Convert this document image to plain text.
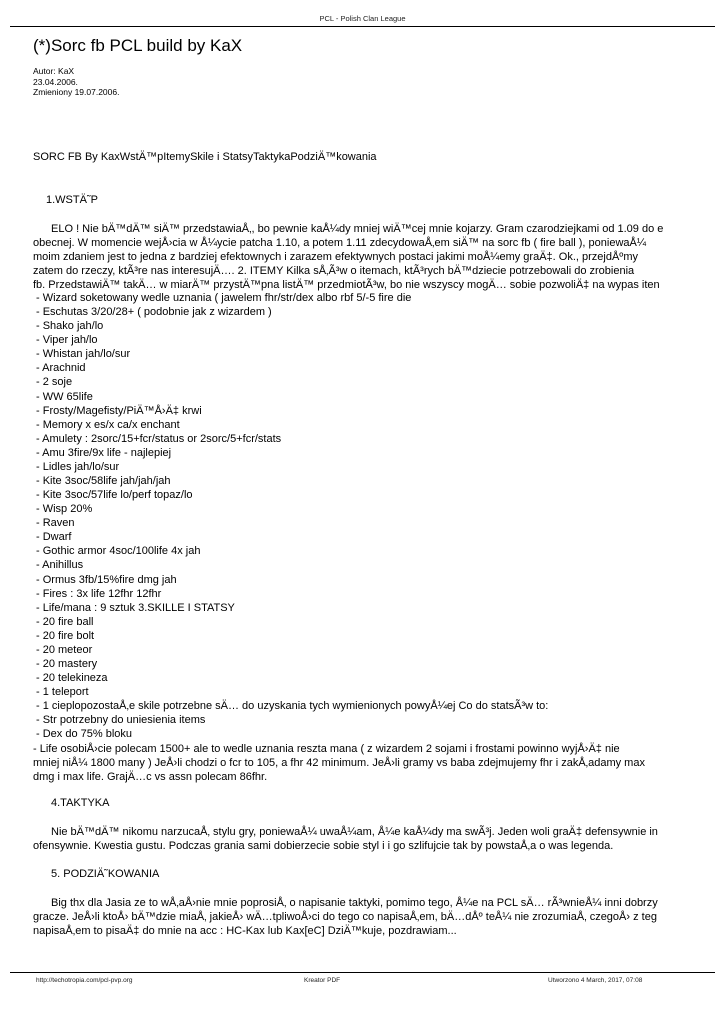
PCL - Polish Clan League
(*)Sorc fb PCL build by KaX
Autor: KaX
23.04.2006.
Zmieniony 19.07.2006.
SORC FB By KaxWstÄ™pItemySkile i StatsyTaktykaPodziÄ™kowania
1.WSTÄ˜P
ELO ! Nie bÄ™dÄ™ siÄ™ przedstawiaÅ‚, bo pewnie kaÅ¼dy mniej wiÄ™cej mnie kojarzy. Gram czarodziejkami od 1.09 do e
obecnej. W momencie wejÅ›cia w Å¼ycie patcha 1.10, a potem 1.11 zdecydowaÅ‚em siÄ™ na sorc fb ( fire ball ), poniewaÅ¼
moim zdaniem jest to jedna z bardziej efektownych i zarazem efektywnych postaci jakimi moÅ¼emy graÄ‡. Ok., przejdÅºmy
zatem do rzeczy, ktÃ³re nas interesujÄ…. 2. ITEMY Kilka sÅ‚Ã³w o itemach, ktÃ³rych bÄ™dziecie potrzebowali do zrobienia
fb. PrzedstawiÄ™ takÄ… w miarÄ™ przystÄ™pna listÄ™ przedmiotÃ³w, bo nie wszyscy mogÄ… sobie pozwoliÄ‡ na wypas iten
- Wizard soketowany wedle uznania ( jawelem fhr/str/dex albo rbf 5/-5 fire die
- Eschutas 3/20/28+ ( podobnie jak z wizardem )
- Shako jah/lo
- Viper jah/lo
- Whistan jah/lo/sur
- Arachnid
- 2 soje
- WW 65life
- Frosty/Magefisty/PiÄ™Å›Ä‡ krwi
- Memory x es/x ca/x enchant
- Amulety : 2sorc/15+fcr/status or 2sorc/5+fcr/stats
- Amu 3fire/9x life - najlepiej
- Lidles jah/lo/sur
- Kite 3soc/58life jah/jah/jah
- Kite 3soc/57life lo/perf topaz/lo
- Wisp 20%
- Raven
- Dwarf
- Gothic armor 4soc/100life 4x jah
- Anihillus
- Ormus 3fb/15%fire dmg jah
- Fires : 3x life 12fhr 12fhr
- Life/mana : 9 sztuk 3.SKILLE I STATSY
- 20 fire ball
- 20 fire bolt
- 20 meteor
- 20 mastery
- 20 telekineza
- 1 teleport
- 1 cieplopozostaÅ‚e skile potrzebne sÄ… do uzyskania tych wymienionych powyÅ¼ej Co do statsÃ³w to:
- Str potrzebny do uniesienia items
- Dex do 75% bloku
- Life osobiÅ›cie polecam 1500+ ale to wedle uznania reszta mana ( z wizardem 2 sojami i frostami powinno wyjÅ›Ä‡ nie
mniej niÅ¼ 1800 many ) JeÅ›li chodzi o fcr to 105, a fhr 42 minimum. JeÅ›li gramy vs baba zdejmujemy fhr i zakÅ‚adamy max
dmg i max life. GrajÄ…c vs assn polecam 86fhr.
4.TAKTYKA
Nie bÄ™dÄ™ nikomu narzucaÅ‚ stylu gry, poniewaÅ¼ uwaÅ¼am, Å¼e kaÅ¼dy ma swÃ³j. Jeden woli graÄ‡ defensywnie in
ofensywnie. Kwestia gustu. Podczas grania sami dobierzecie sobie styl i i go szlifujcie tak by powstaÅ‚a o was legenda.
5. PODZIÄ˜KOWANIA
Big thx dla Jasia ze to wÅ‚aÅ›nie mnie poprosiÅ‚ o napisanie taktyki, pomimo tego, Å¼e na PCL sÄ… rÃ³wnieÅ¼ inni dobrzy
gracze. JeÅ›li ktoÅ› bÄ™dzie miaÅ‚ jakieÅ› wÄ…tpliwoÅ›ci do tego co napisaÅ‚em, bÄ…dÅº teÅ¼ nie zrozumiaÅ‚ czegoÅ› z teg
napisaÅ‚em to pisaÄ‡ do mnie na acc : HC-Kax lub Kax[eC] DziÄ™kuje, pozdrawiam...
http://techotropia.com/pcl-pvp.org	Kreator PDF	Utworzono 4 March, 2017, 07:08
